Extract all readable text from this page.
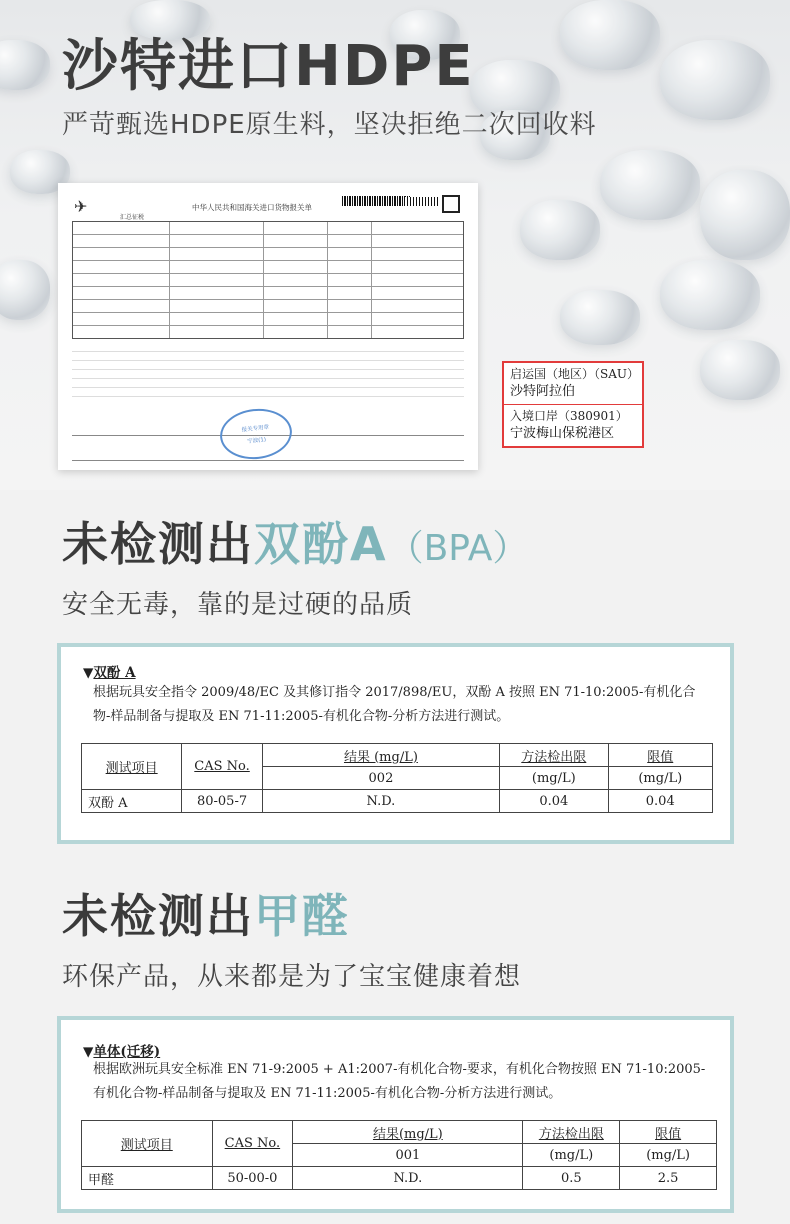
沙特进口HDPE

严苛甄选HDPE原生料，坚决拒绝二次回收料

✈
汇总征税
中华人民共和国海关进口货物报关单
报关专用章
宁波(1)
启运国（地区）（SAU）
沙特阿拉伯
入境口岸（380901）
宁波梅山保税港区
未检测出双酚A（BPA）

安全无毒，靠的是过硬的品质

▼双酚 A
根据玩具安全指令 2009/48/EC 及其修订指令 2017/898/EU，双酚 A 按照 EN 71-10:2005-有机化合物-样品制备与提取及 EN 71-11:2005-有机化合物-分析方法进行测试。
测试项目	CAS No.	结果 (mg/L)	方法检出限	限值
		002	(mg/L)	(mg/L)
双酚 A	80-05-7	N.D.	0.04	0.04
未检测出甲醛

环保产品，从来都是为了宝宝健康着想

▼单体(迁移)
根据欧洲玩具安全标准 EN 71-9:2005 + A1:2007-有机化合物-要求，有机化合物按照 EN 71-10:2005-有机化合物-样品制备与提取及 EN 71-11:2005-有机化合物-分析方法进行测试。
测试项目	CAS No.	结果(mg/L)	方法检出限	限值
		001	(mg/L)	(mg/L)
甲醛	50-00-0	N.D.	0.5	2.5
